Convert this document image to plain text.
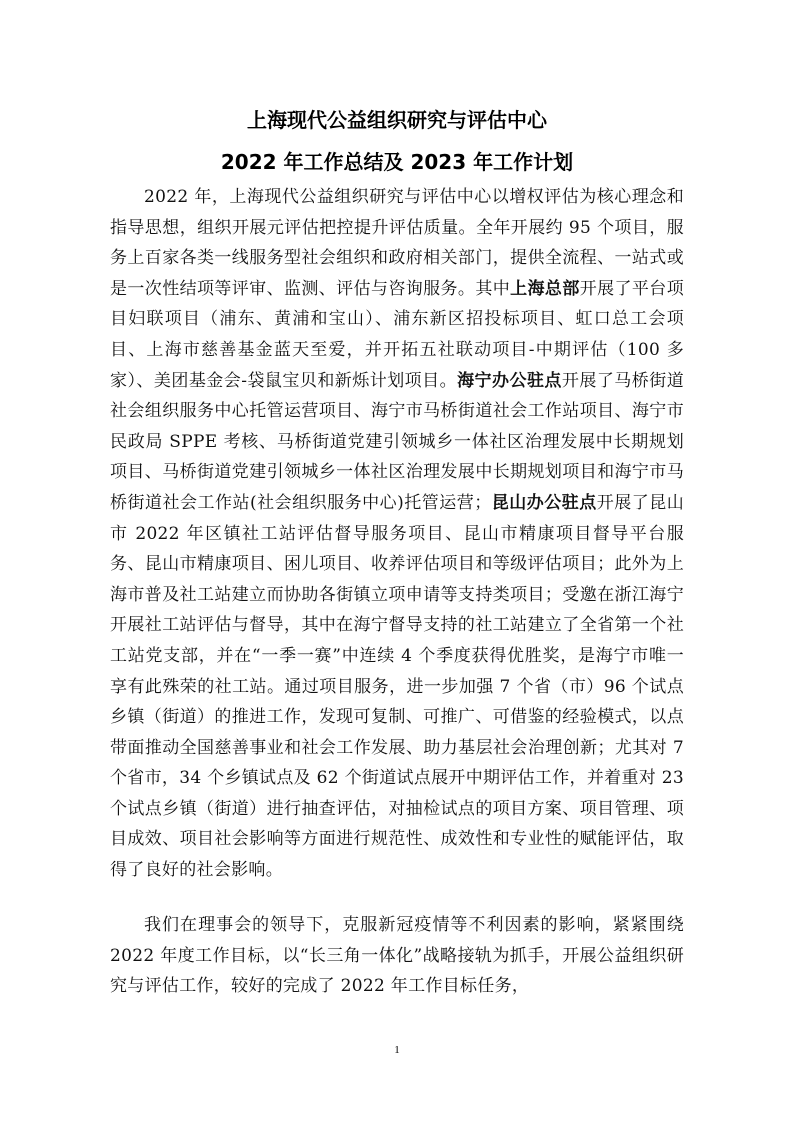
上海现代公益组织研究与评估中心
2022 年工作总结及 2023 年工作计划

2022 年，上海现代公益组织研究与评估中心以增权评估为核心理念和指导思想，组织开展元评估把控提升评估质量。全年开展约 95 个项目，服务上百家各类一线服务型社会组织和政府相关部门，提供全流程、一站式或是一次性结项等评审、监测、评估与咨询服务。其中上海总部开展了平台项目妇联项目（浦东、黄浦和宝山）、浦东新区招投标项目、虹口总工会项目、上海市慈善基金蓝天至爱，并开拓五社联动项目-中期评估（100 多家）、美团基金会-袋鼠宝贝和新烁计划项目。海宁办公驻点开展了马桥街道社会组织服务中心托管运营项目、海宁市马桥街道社会工作站项目、海宁市民政局 SPPE 考核、马桥街道党建引领城乡一体社区治理发展中长期规划项目、马桥街道党建引领城乡一体社区治理发展中长期规划项目和海宁市马桥街道社会工作站(社会组织服务中心)托管运营；昆山办公驻点开展了昆山市 2022 年区镇社工站评估督导服务项目、昆山市精康项目督导平台服务、昆山市精康项目、困儿项目、收养评估项目和等级评估项目；此外为上海市普及社工站建立而协助各街镇立项申请等支持类项目；受邀在浙江海宁开展社工站评估与督导，其中在海宁督导支持的社工站建立了全省第一个社工站党支部，并在“一季一赛”中连续 4 个季度获得优胜奖，是海宁市唯一享有此殊荣的社工站。通过项目服务，进一步加强 7 个省（市）96 个试点乡镇（街道）的推进工作，发现可复制、可推广、可借鉴的经验模式，以点带面推动全国慈善事业和社会工作发展、助力基层社会治理创新；尤其对 7 个省市，34 个乡镇试点及 62 个街道试点展开中期评估工作，并着重对 23 个试点乡镇（街道）进行抽查评估，对抽检试点的项目方案、项目管理、项目成效、项目社会影响等方面进行规范性、成效性和专业性的赋能评估，取得了良好的社会影响。

我们在理事会的领导下，克服新冠疫情等不利因素的影响，紧紧围绕 2022 年度工作目标，以“长三角一体化”战略接轨为抓手，开展公益组织研究与评估工作，较好的完成了 2022 年工作目标任务，

1
